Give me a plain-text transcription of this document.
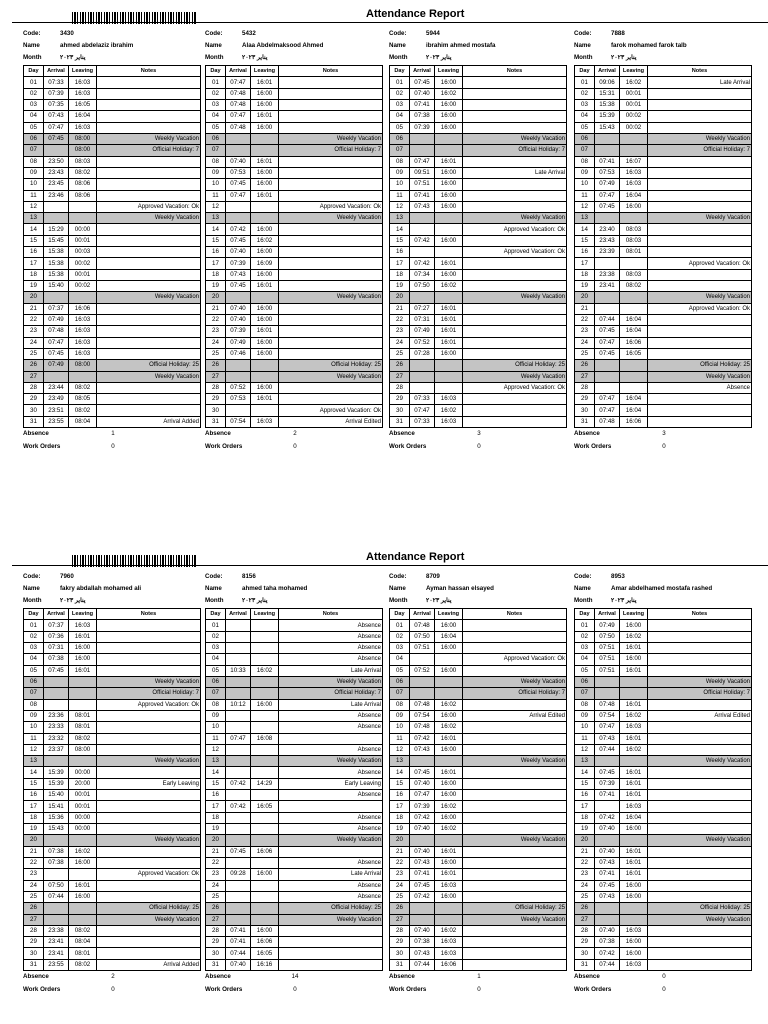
Attendance Report
Code:	3430
Name	ahmed abdelaziz ibrahim
Month	يناير ٢٠٢٣
Day	Arrival	Leaving	Notes
01	07:33	16:03	
02	07:39	16:03	
03	07:35	16:05	
04	07:43	16:04	
05	07:47	16:03	
06	07:45	08:00	Weekly Vacation
07		08:00	Official Holiday: 7
08	23:50	08:03	
09	23:43	08:02	
10	23:45	08:06	
11	23:46	08:06	
12			Approved Vacation: Ok
13			Weekly Vacation
14	15:29	00:00	
15	15:45	00:01	
16	15:38	00:03	
17	15:38	00:02	
18	15:38	00:01	
19	15:40	00:02	
20			Weekly Vacation
21	07:37	16:06	
22	07:49	16:03	
23	07:48	16:03	
24	07:47	16:03	
25	07:45	16:03	
26	07:49	08:00	Official Holiday: 25
27			Weekly Vacation
28	23:44	08:02	
29	23:49	08:05	
30	23:51	08:02	
31	23:55	08:04	Arrival Added
Absence	1
Work Orders	0
Code:	5432
Name	Alaa Abdelmaksood Ahmed
Month	يناير ٢٠٢٣
Day	Arrival	Leaving	Notes
01	07:47	16:01	
02	07:48	16:00	
03	07:48	16:00	
04	07:47	16:01	
05	07:48	16:00	
06			Weekly Vacation
07			Official Holiday: 7
08	07:40	16:01	
09	07:53	16:00	
10	07:45	16:00	
11	07:47	16:01	
12			Approved Vacation: Ok
13			Weekly Vacation
14	07:42	16:00	
15	07:45	16:02	
16	07:40	16:00	
17	07:39	16:09	
18	07:43	16:00	
19	07:45	16:01	
20			Weekly Vacation
21	07:40	16:00	
22	07:40	16:00	
23	07:39	16:01	
24	07:49	16:00	
25	07:46	16:00	
26			Official Holiday: 25
27			Weekly Vacation
28	07:52	16:00	
29	07:53	16:01	
30			Approved Vacation: Ok
31	07:54	16:03	Arrival Edited
Absence	2
Work Orders	0
Code:	5944
Name	ibrahim ahmed mostafa
Month	يناير ٢٠٢٣
Day	Arrival	Leaving	Notes
01	07:45	16:00	
02	07:40	16:02	
03	07:41	16:00	
04	07:38	16:00	
05	07:39	16:00	
06			Weekly Vacation
07			Official Holiday: 7
08	07:47	16:01	
09	09:51	16:00	Late Arrival
10	07:51	16:00	
11	07:41	16:00	
12	07:43	16:00	
13			Weekly Vacation
14			Approved Vacation: Ok
15	07:42	16:00	
16			Approved Vacation: Ok
17	07:42	16:01	
18	07:34	16:00	
19	07:50	16:02	
20			Weekly Vacation
21	07:27	16:01	
22	07:31	16:01	
23	07:49	16:01	
24	07:52	16:01	
25	07:28	16:00	
26			Official Holiday: 25
27			Weekly Vacation
28			Approved Vacation: Ok
29	07:33	16:03	
30	07:47	16:02	
31	07:33	16:03	
Absence	3
Work Orders	0
Code:	7888
Name	farok mohamed farok talb
Month	يناير ٢٠٢٣
Day	Arrival	Leaving	Notes
01	09:06	16:02	Late Arrival
02	15:31	00:01	
03	15:38	00:01	
04	15:39	00:02	
05	15:43	00:02	
06			Weekly Vacation
07			Official Holiday: 7
08	07:41	16:07	
09	07:53	16:03	
10	07:49	16:03	
11	07:47	16:04	
12	07:45	16:00	
13			Weekly Vacation
14	23:40	08:03	
15	23:43	08:03	
16	23:39	08:01	
17			Approved Vacation: Ok
18	23:38	08:03	
19	23:41	08:02	
20			Weekly Vacation
21			Approved Vacation: Ok
22	07:44	16:04	
23	07:45	16:04	
24	07:47	16:06	
25	07:45	16:05	
26			Official Holiday: 25
27			Weekly Vacation
28			Absence
29	07:47	16:04	
30	07:47	16:04	
31	07:48	16:06	
Absence	3
Work Orders	0
Attendance Report
Code:	7960
Name	fakry abdallah mohamed ali
Month	يناير ٢٠٢٣
Day	Arrival	Leaving	Notes
01	07:37	16:03	
02	07:36	16:01	
03	07:31	16:00	
04	07:38	16:00	
05	07:45	16:01	
06			Weekly Vacation
07			Official Holiday: 7
08			Approved Vacation: Ok
09	23:36	08:01	
10	23:33	08:01	
11	23:32	08:02	
12	23:37	08:00	
13			Weekly Vacation
14	15:39	00:00	
15	15:39	20:00	Early Leaving
16	15:40	00:01	
17	15:41	00:01	
18	15:36	00:00	
19	15:43	00:00	
20			Weekly Vacation
21	07:38	16:02	
22	07:38	16:00	
23			Approved Vacation: Ok
24	07:50	16:01	
25	07:44	16:00	
26			Official Holiday: 25
27			Weekly Vacation
28	23:38	08:02	
29	23:41	08:04	
30	23:41	08:01	
31	23:55	08:02	Arrival Added
Absence	2
Work Orders	0
Code:	8156
Name	ahmed taha mohamed
Month	يناير ٢٠٢٣
Day	Arrival	Leaving	Notes
01			Absence
02			Absence
03			Absence
04			Absence
05	10:33	16:02	Late Arrival
06			Weekly Vacation
07			Official Holiday: 7
08	10:12	16:00	Late Arrival
09			Absence
10			Absence
11	07:47	16:08	
12			Absence
13			Weekly Vacation
14			Absence
15	07:42	14:29	Early Leaving
16			Absence
17	07:42	16:05	
18			Absence
19			Absence
20			Weekly Vacation
21	07:45	16:06	
22			Absence
23	09:28	16:00	Late Arrival
24			Absence
25			Absence
26			Official Holiday: 25
27			Weekly Vacation
28	07:41	16:00	
29	07:41	16:06	
30	07:44	16:05	
31	07:40	16:16	
Absence	14
Work Orders	0
Code:	8709
Name	Ayman hassan elsayed
Month	يناير ٢٠٢٣
Day	Arrival	Leaving	Notes
01	07:48	16:00	
02	07:50	16:04	
03	07:51	16:00	
04			Approved Vacation: Ok
05	07:52	16:00	
06			Weekly Vacation
07			Official Holiday: 7
08	07:48	16:02	
09	07:54	16:00	Arrival Edited
10	07:48	16:02	
11	07:42	16:01	
12	07:43	16:00	
13			Weekly Vacation
14	07:45	16:01	
15	07:40	16:00	
16	07:47	16:00	
17	07:39	16:02	
18	07:42	16:00	
19	07:40	16:02	
20			Weekly Vacation
21	07:40	16:01	
22	07:43	16:00	
23	07:41	16:01	
24	07:45	16:03	
25	07:42	16:00	
26			Official Holiday: 25
27			Weekly Vacation
28	07:40	16:02	
29	07:38	16:03	
30	07:43	16:03	
31	07:44	16:06	
Absence	1
Work Orders	0
Code:	8953
Name	Amar abdelhamed mostafa rashed
Month	يناير ٢٠٢٣
Day	Arrival	Leaving	Notes
01	07:49	16:00	
02	07:50	16:02	
03	07:51	16:01	
04	07:51	16:00	
05	07:51	16:01	
06			Weekly Vacation
07			Official Holiday: 7
08	07:48	16:01	
09	07:54	16:02	Arrival Edited
10	07:47	16:03	
11	07:43	16:01	
12	07:44	16:02	
13			Weekly Vacation
14	07:45	16:01	
15	07:39	16:01	
16	07:41	16:01	
17		16:03	
18	07:42	16:04	
19	07:40	16:00	
20			Weekly Vacation
21	07:40	16:01	
22	07:43	16:01	
23	07:41	16:01	
24	07:45	16:00	
25	07:43	16:00	
26			Official Holiday: 25
27			Weekly Vacation
28	07:40	16:03	
29	07:38	16:00	
30	07:42	16:00	
31	07:44	16:03	
Absence	0
Work Orders	0
